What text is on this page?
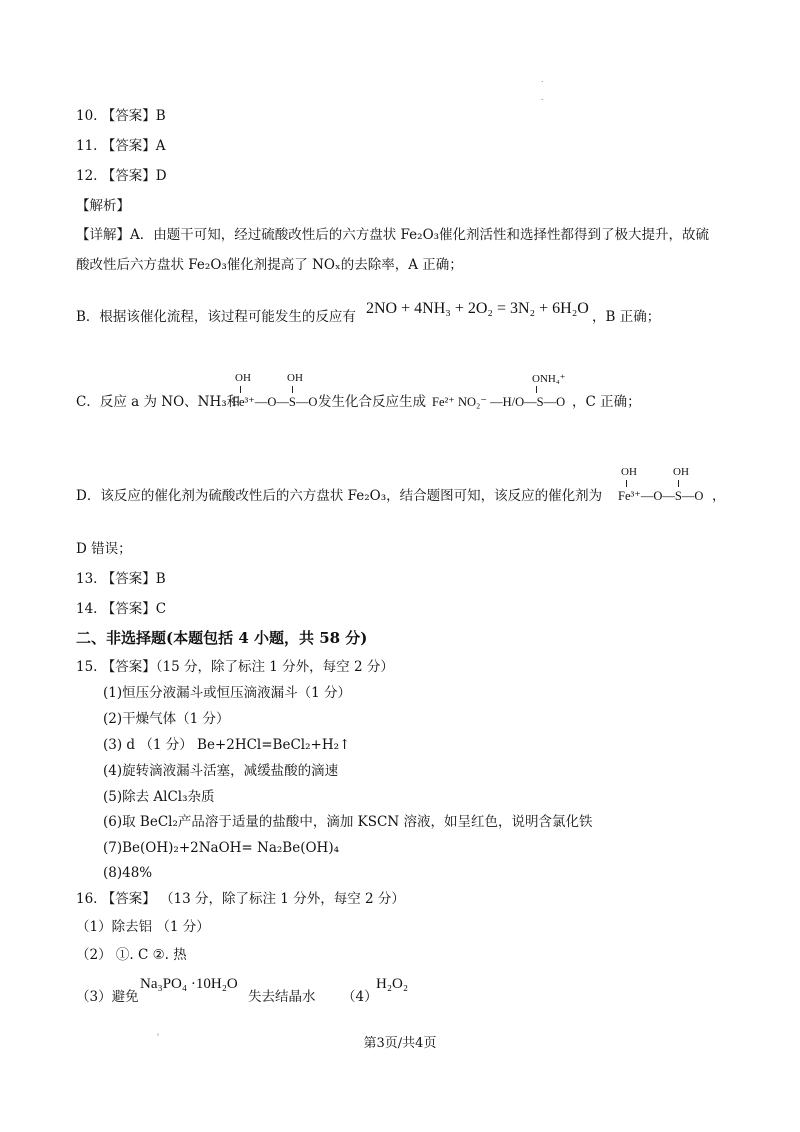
.
.
10. 【答案】B
11. 【答案】A
12. 【答案】D
【解析】
【详解】A．由题干可知，经过硫酸改性后的六方盘状 Fe₂O₃催化剂活性和选择性都得到了极大提升，故硫
酸改性后六方盘状 Fe₂O₃催化剂提高了 NOₓ的去除率，A 正确；
B．根据该催化流程，该过程可能发生的反应有 2NO + 4NH₃ + 2O₂ = 3N₂ + 6H₂O ，B 正确；
C．反应 a 为 NO、NH₃和
OH	OH
Fe³⁺—O—S—O 发生化合反应生成
ONH₄⁺
Fe²⁺ NO₂⁻ —H/O—S—O ，C 正确；
D．该反应的催化剂为硫酸改性后的六方盘状 Fe₂O₃，结合题图可知，该反应的催化剂为
OH	OH
Fe³⁺—O—S—O ，
D 错误；
13. 【答案】B
14. 【答案】C
二、非选择题(本题包括 4 小题，共 58 分)
15. 【答案】（15 分，除了标注 1 分外，每空 2 分）
(1)恒压分液漏斗或恒压滴液漏斗（1 分）
(2)干燥气体（1 分）
(3) d （1 分） Be+2HCl=BeCl₂+H₂↑
(4)旋转滴液漏斗活塞，减缓盐酸的滴速
(5)除去 AlCl₃杂质
(6)取 BeCl₂产品溶于适量的盐酸中，滴加 KSCN 溶液，如呈红色，说明含氯化铁
(7)Be(OH)₂+2NaOH= Na₂Be(OH)₄
(8)48%
16. 【答案】 （13 分，除了标注 1 分外，每空 2 分）
（1）除去铝 （1 分）
（2） ①. C ②. 热
（3）避免
Na₃PO₄ ·10H₂O
失去结晶水 （4）
H₂O₂
'	第3页/共4页
